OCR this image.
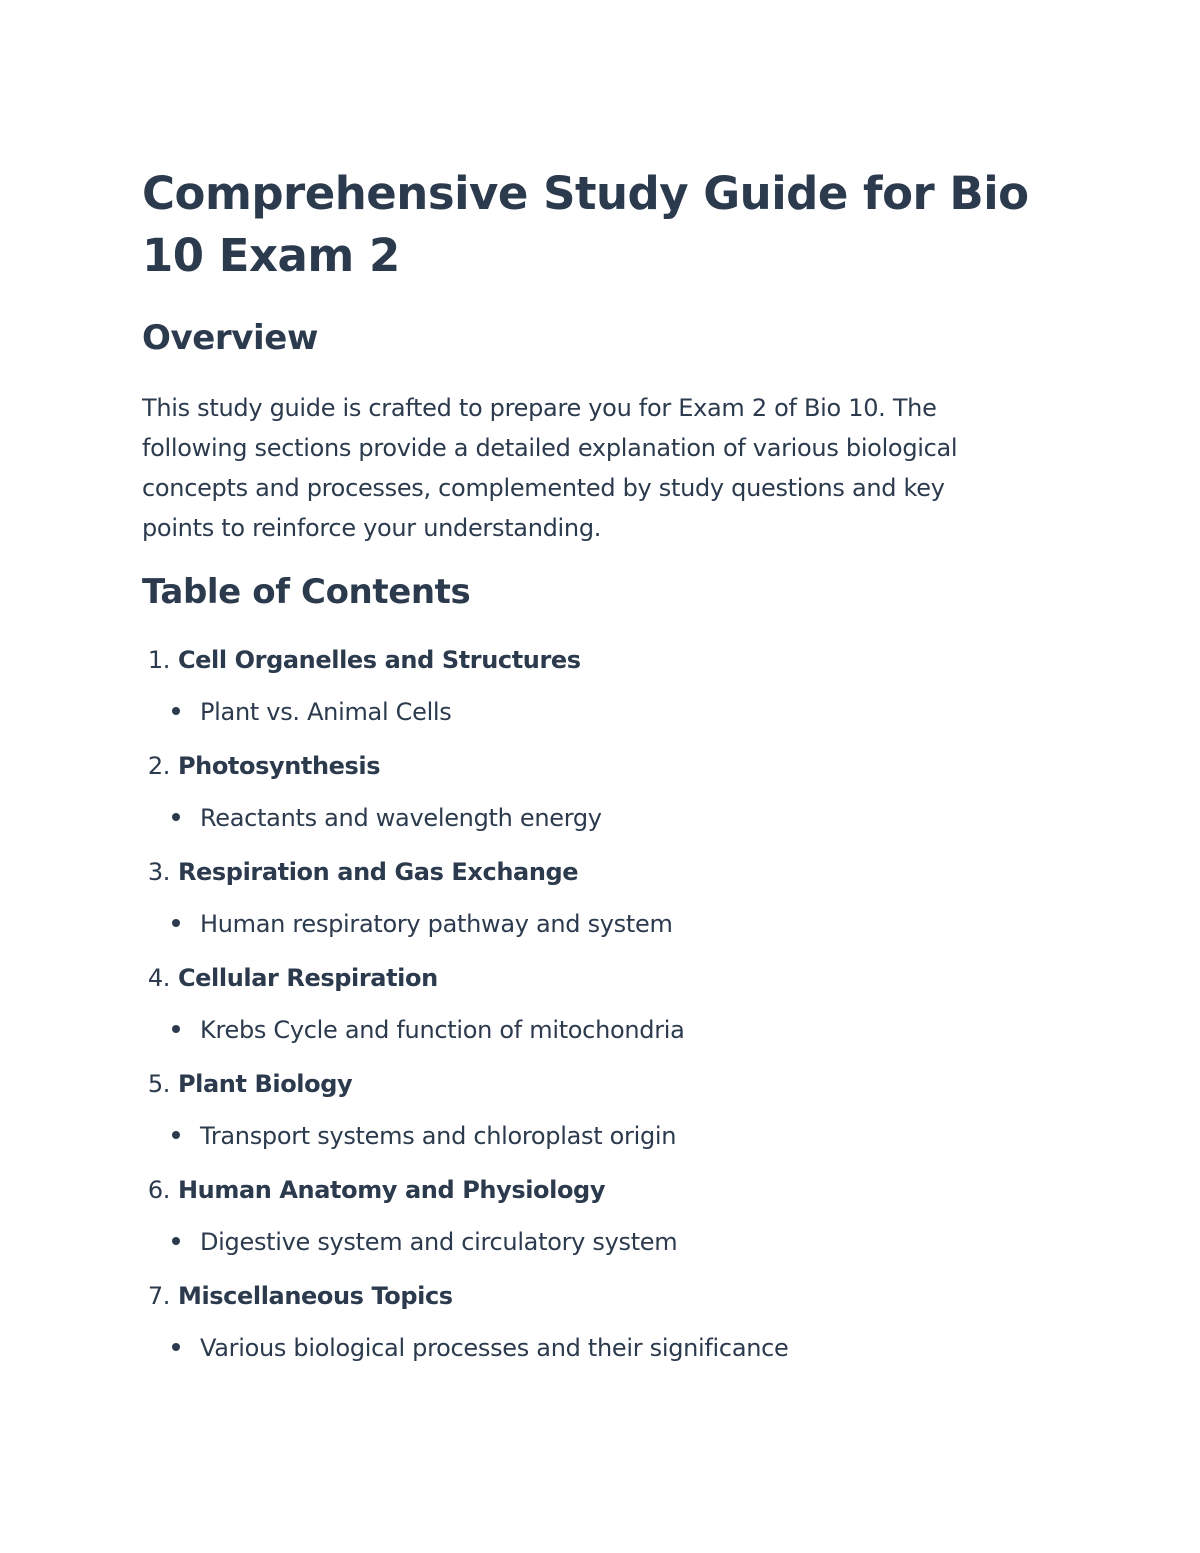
Comprehensive Study Guide for Bio 10 Exam 2
Overview

This study guide is crafted to prepare you for Exam 2 of Bio 10. The following sections provide a detailed explanation of various biological concepts and processes, complemented by study questions and key points to reinforce your understanding.

Table of Contents
1. Cell Organelles and Structures
Plant vs. Animal Cells
2. Photosynthesis
Reactants and wavelength energy
3. Respiration and Gas Exchange
Human respiratory pathway and system
4. Cellular Respiration
Krebs Cycle and function of mitochondria
5. Plant Biology
Transport systems and chloroplast origin
6. Human Anatomy and Physiology
Digestive system and circulatory system
7. Miscellaneous Topics
Various biological processes and their significance
